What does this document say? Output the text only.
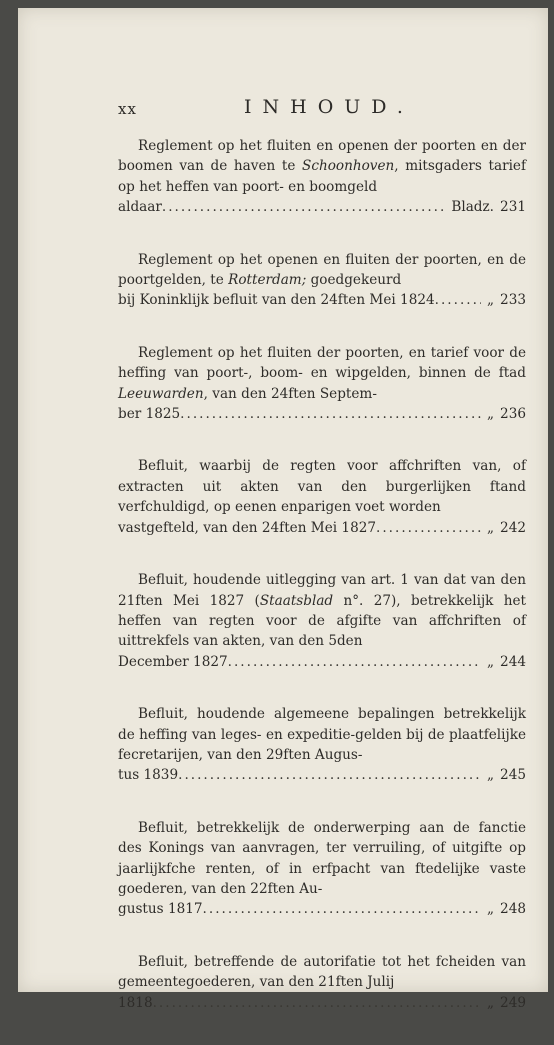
xx	INHOUD.

Reglement op het fluiten en openen der poorten en der boomen van de haven te Schoonhoven, mitsgaders tarief op het heffen van poort- en boomgeld

aldaar .....	Bladz. 231

Reglement op het openen en fluiten der poorten, en de poortgelden, te Rotterdam; goedgekeurd

bij Koninklijk befluit van den 24ften Mei 1824 .....	„ 233

Reglement op het fluiten der poorten, en tarief voor de heffing van poort-, boom- en wipgelden, binnen de ftad Leeuwarden, van den 24ften Septem-

ber 1825 .....	„ 236

Befluit, waarbij de regten voor affchriften van, of extracten uit akten van den burgerlijken ftand verfchuldigd, op eenen enparigen voet worden

vastgefteld, van den 24ften Mei 1827 .....	„ 242

Befluit, houdende uitlegging van art. 1 van dat van den 21ften Mei 1827 (Staatsblad n°. 27), betrekkelijk het heffen van regten voor de afgifte van affchriften of uittrekfels van akten, van den 5den

December 1827 .....	„ 244

Befluit, houdende algemeene bepalingen betrekkelijk de heffing van leges- en expeditie-gelden bij de plaatfelijke fecretarijen, van den 29ften Augus-

tus 1839 .....	„ 245

Befluit, betrekkelijk de onderwerping aan de fanctie des Konings van aanvragen, ter verruiling, of uitgifte op jaarlijkfche renten, of in erfpacht van ftedelijke vaste goederen, van den 22ften Au-

gustus 1817 .....	„ 248

Befluit, betreffende de autorifatie tot het fcheiden van gemeentegoederen, van den 21ften Julij

1818 .....	„ 249
